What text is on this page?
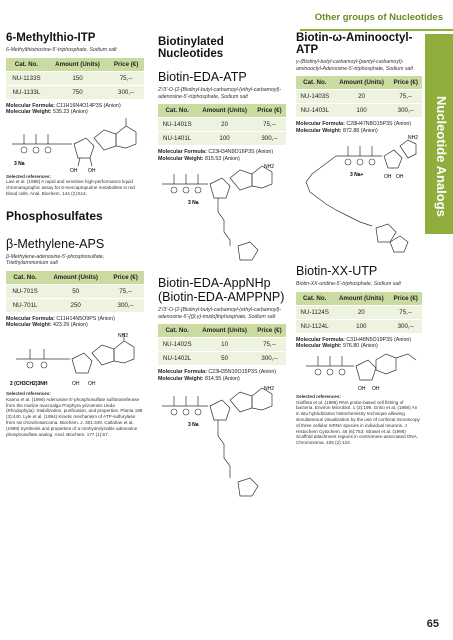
Other groups of Nucleotides
Nucleotide Analogs
6-Methylthio-ITP
6-Methylthioinosine-5'-triphosphate, Sodium salt
Cat. No.	Amount (Units)	Price (€)
NU-1133S	150	75,--
NU-1133L	750	300,--
Molecular Formula: C11H16N4O14P3S (Anion)
Molecular Weight: 535.23 (Anion)
3 Na
OH OH
Selected references:
Lavi et al. (1985) A rapid and sensitive high-performance liquid chromatographic assay for 6-mercaptopurine metabolites in red blood cells. Anal. Biochem. 144 (2):514.
Phosphosulfates
β-Methylene-APS
β-Methylene-adenosine-5'-phosphosulfate, Triethylammonium salt
Cat. No.	Amount (Units)	Price (€)
NU-701S	50	75,--
NU-701L	250	300,--
Molecular Formula: C11H14N5O9PS (Anion)
Molecular Weight: 423.29 (Anion)
NH2
2 (CH3CH2)3NH	OH OH
Selected references:
Kanno et al. (1996) Adenosine 5'-phosphosulfate sulfotransferase from the marine macroalga Porphyra yezoensis Ueda (Rhodophyta): Stabilization, purification, and properties. Planta 198 (3):440. Lyle et al. (1994) Kinetic mechanism of ATP-sulfurylase from rat chondrosarcoma. Biochem. J. 301:349. Callahan et al. (1989) Synthesis and properties of a nonhydrolyzable adenosine phosphosulfate analog. Anal. Biochem. 177 (1):67.
Biotinylated Nucleotides
Biotin-EDA-ATP
2'/3'-O-{2-[Biotinyl-butyl-carbamoyl-(ethyl-carbamoyl)-adenosine-5'-triphosphate, Sodium salt
Cat. No.	Amount (Units)	Price (€)
NU-1401S	20	75,--
NU-1401L	100	300,--
Molecular Formula: C23H34N9O16P3S (Anion)
Molecular Weight: 815.53 (Anion)
NH2
3 Na
Biotin-EDA-AppNHp (Biotin-EDA-AMPPNP)
2'/3'-O-{2-[Biotinyl-butyl-carbamoyl-(ethyl-carbamoyl)-adenosine-5'-[(β,γ)-imido]triphosphate, Sodium salt
Cat. No.	Amount (Units)	Price (€)
NU-1402S	10	75,--
NU-1402L	50	300,--
Molecular Formula: C23H35N10O15P3S (Anion)
Molecular Weight: 814.55 (Anion)
NH2
3 Na
Biotin-ω-Aminooctyl-ATP
γ-(Biotinyl-butyl-carbamoyl-(pentyl-carbamoyl)-aminooctyl-Adenosine-5'-triphosphate, Sodium salt
Cat. No.	Amount (Units)	Price (€)
NU-1403S	20	75,--
NU-1403L	100	300,--
Molecular Formula: C28H47N8O15P3S (Anion)
Molecular Weight: 872.88 (Anion)
NH2
3 Na+	OH OH
Biotin-XX-UTP
Biotin-XX-uridine-5'-triphosphate, Sodium salt
Cat. No.	Amount (Units)	Price (€)
NU-1124S	20	75,--
NU-1124L	100	300,--
Molecular Formula: C31H48N5O19P3S (Anion)
Molecular Weight: 976.80 (Anion)
OH OH
Selected references:
Gioffeta et al. (1996) RNA probe-based cell fishing of bacteria. Environ Microbiol. 1 (3):199. Grino et al. (1998) An in situ hybridization histochemistry technique allowing simultaneous visualization by the use of confocal microscopy of three cellular mRNA species in individual neurons. J Histochem Cytochem. 46 (6):753. Strasel et al. (1996) Scaffold attachment regions in centromere-associated DNA. Chromosoma. 105 (2):122.
65
